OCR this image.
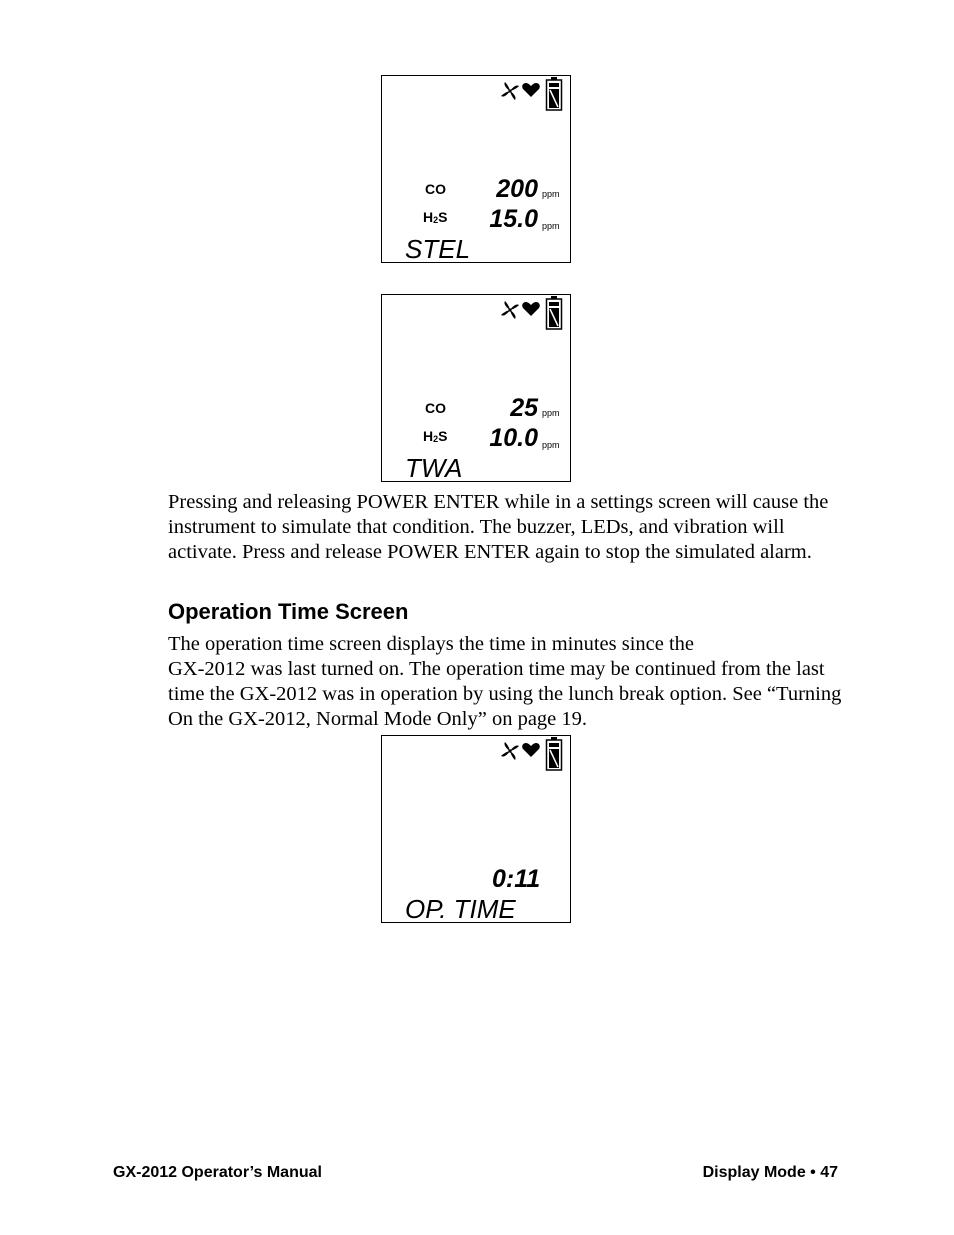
CO	200 ppm
H2S	15.0 ppm
STEL
CO	25 ppm
H2S	10.0 ppm
TWA

Pressing and releasing POWER ENTER while in a settings screen will cause the instrument to simulate that condition. The buzzer, LEDs, and vibration will activate. Press and release POWER ENTER again to stop the simulated alarm.

Operation Time Screen

The operation time screen displays the time in minutes since the
GX-2012 was last turned on. The operation time may be continued from the last time the GX-2012 was in operation by using the lunch break option. See “Turning On the GX-2012, Normal Mode Only” on page 19.

0:11
OP. TIME
GX-2012 Operator’s Manual	Display Mode • 47
